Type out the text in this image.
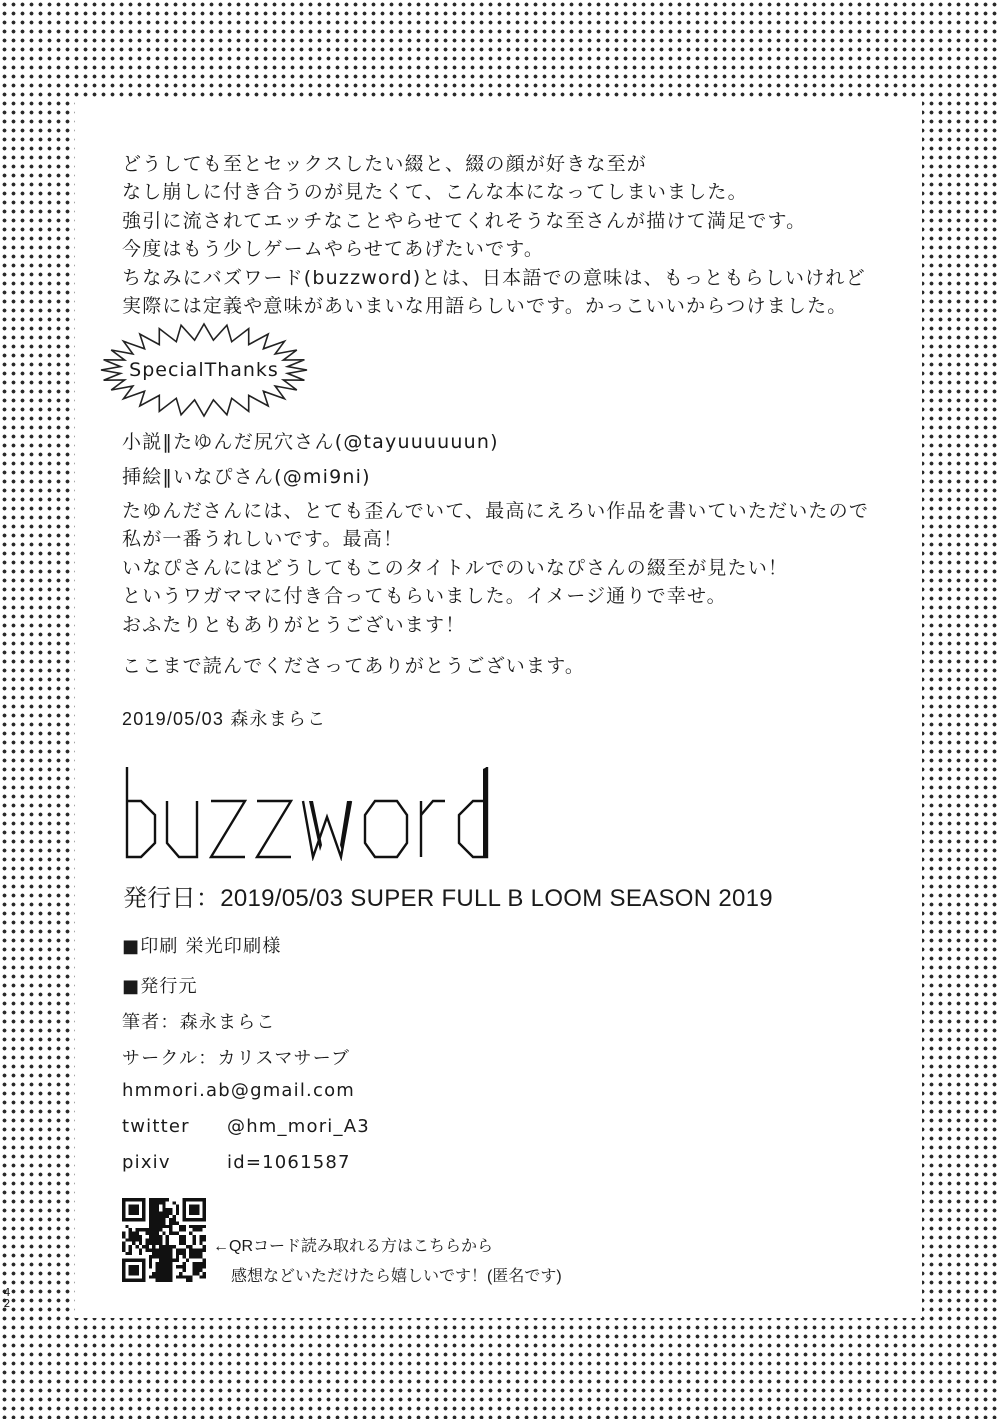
どうしても至とセックスしたい綴と、綴の顔が好きな至が
なし崩しに付き合うのが見たくて、こんな本になってしまいました。
強引に流されてエッチなことやらせてくれそうな至さんが描けて満足です。
今度はもう少しゲームやらせてあげたいです。
ちなみにバズワード(buzzword)とは、日本語での意味は、もっともらしいけれど
実際には定義や意味があいまいな用語らしいです。かっこいいからつけました。
SpecialThanks

小説‖たゆんだ尻穴さん(@tayuuuuuun)

挿絵‖いなぴさん(@mi9ni)

たゆんださんには、とても歪んでいて、最高にえろい作品を書いていただいたので
私が一番うれしいです。最高！
いなぴさんにはどうしてもこのタイトルでのいなぴさんの綴至が見たい！
というワガママに付き合ってもらいました。イメージ通りで幸せ。
おふたりともありがとうございます！

ここまで読んでくださってありがとうございます。

2019/05/03 森永まらこ

発行日：2019/05/03 SUPER FULL B LOOM SEASON 2019

■印刷 栄光印刷様

■発行元

筆者：森永まらこ

サークル：カリスマサーブ

hmmori.ab@gmail.com

twitter @hm_mori_A3

pixiv	id=1061587

←QRコード読み取れる方はこちらから

感想などいただけたら嬉しいです！(匿名です)

4
2
